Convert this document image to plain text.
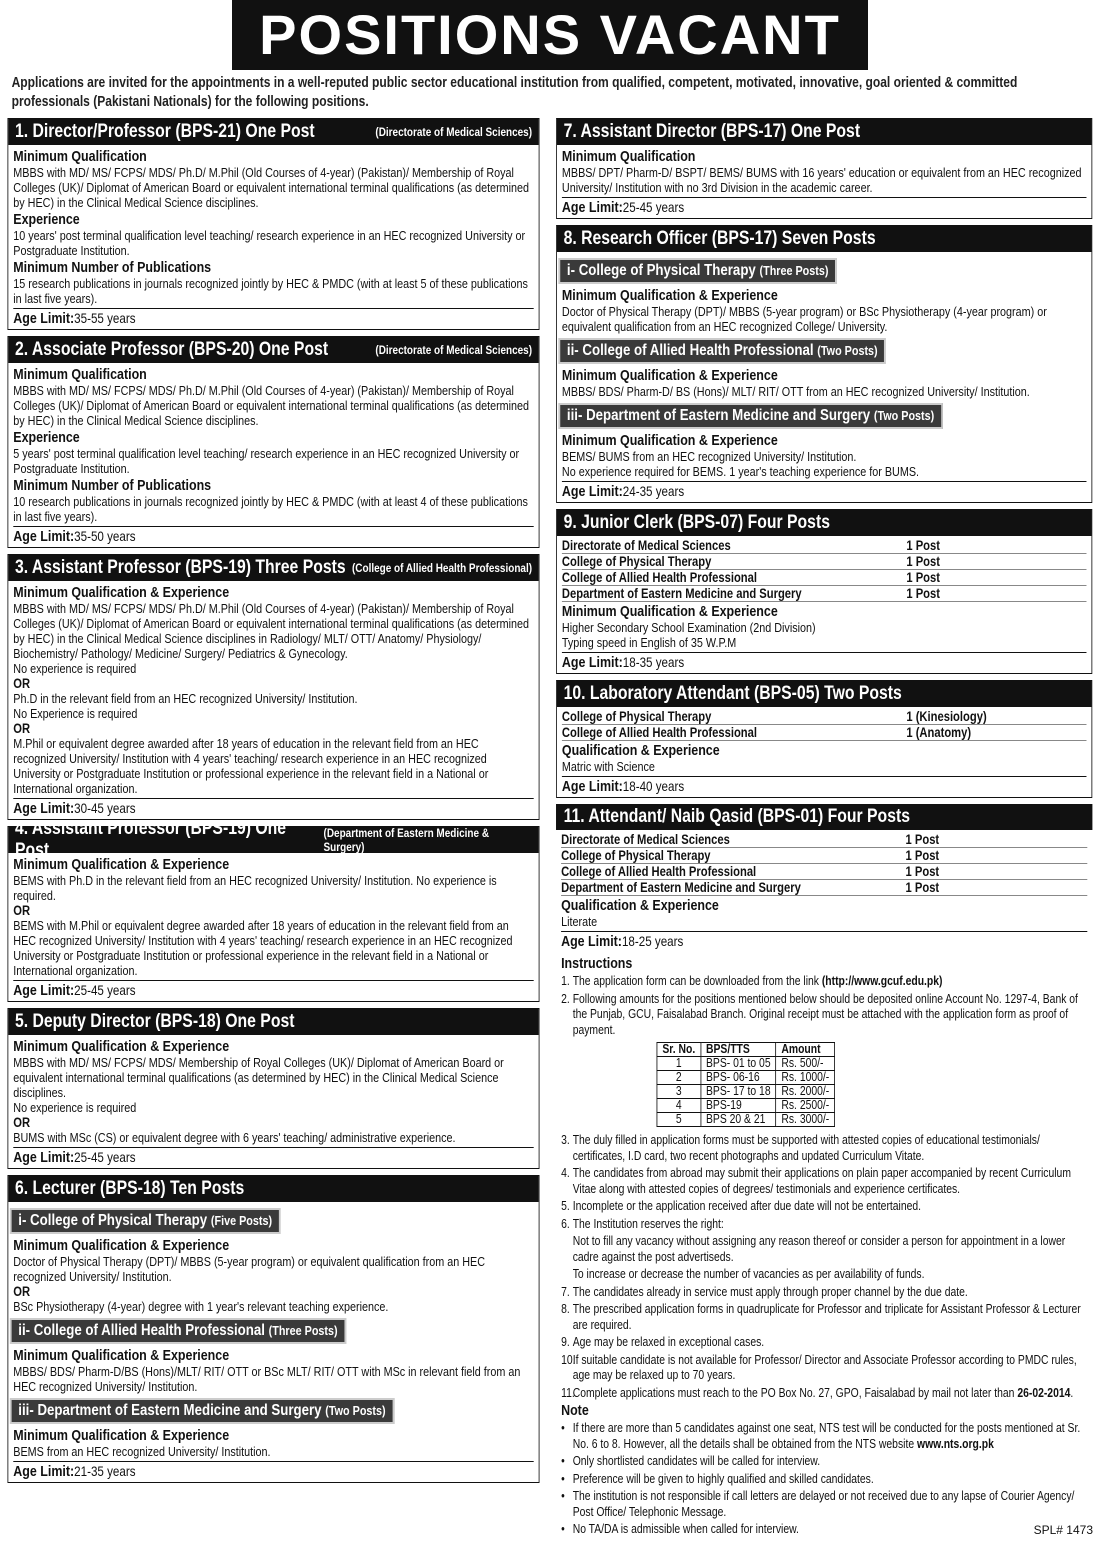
POSITIONS VACANT
Applications are invited for the appointments in a well-reputed public sector educational institution from qualified, competent, motivated, innovative, goal oriented & committed professionals (Pakistani Nationals) for the following positions.
1. Director/Professor (BPS-21) One Post	(Directorate of Medical Sciences)
Minimum Qualification
MBBS with MD/ MS/ FCPS/ MDS/ Ph.D/ M.Phil (Old Courses of 4-year) (Pakistan)/ Membership of Royal Colleges (UK)/ Diplomat of American Board or equivalent international terminal qualifications (as determined by HEC) in the Clinical Medical Science disciplines.
Experience
10 years' post terminal qualification level teaching/ research experience in an HEC recognized University or Postgraduate Institution.
Minimum Number of Publications
15 research publications in journals recognized jointly by HEC & PMDC (with at least 5 of these publications in last five years).
Age Limit:35-55 years
2. Associate Professor (BPS-20) One Post	(Directorate of Medical Sciences)
Minimum Qualification
MBBS with MD/ MS/ FCPS/ MDS/ Ph.D/ M.Phil (Old Courses of 4-year) (Pakistan)/ Membership of Royal Colleges (UK)/ Diplomat of American Board or equivalent international terminal qualifications (as determined by HEC) in the Clinical Medical Science disciplines.
Experience
5 years' post terminal qualification level teaching/ research experience in an HEC recognized University or Postgraduate Institution.
Minimum Number of Publications
10 research publications in journals recognized jointly by HEC & PMDC (with at least 4 of these publications in last five years).
Age Limit:35-50 years
3. Assistant Professor (BPS-19) Three Posts (College of Allied Health Professional)
Minimum Qualification & Experience
MBBS with MD/ MS/ FCPS/ MDS/ Ph.D/ M.Phil (Old Courses of 4-year) (Pakistan)/ Membership of Royal Colleges (UK)/ Diplomat of American Board or equivalent international terminal qualifications (as determined by HEC) in the Clinical Medical Science disciplines in Radiology/ MLT/ OTT/ Anatomy/ Physiology/ Biochemistry/ Pathology/ Medicine/ Surgery/ Pediatrics & Gynecology.
No experience is required
OR
Ph.D in the relevant field from an HEC recognized University/ Institution.
No Experience is required
OR
M.Phil or equivalent degree awarded after 18 years of education in the relevant field from an HEC recognized University/ Institution with 4 years' teaching/ research experience in an HEC recognized University or Postgraduate Institution or professional experience in the relevant field in a National or International organization.
Age Limit:30-45 years
4. Assistant Professor (BPS-19) One Post
(Department of Eastern Medicine & Surgery)
Minimum Qualification & Experience
BEMS with Ph.D in the relevant field from an HEC recognized University/ Institution. No experience is required.
OR
BEMS with M.Phil or equivalent degree awarded after 18 years of education in the relevant field from an HEC recognized University/ Institution with 4 years' teaching/ research experience in an HEC recognized University or Postgraduate Institution or professional experience in the relevant field in a National or International organization.
Age Limit:25-45 years
5. Deputy Director (BPS-18) One Post
Minimum Qualification & Experience
MBBS with MD/ MS/ FCPS/ MDS/ Membership of Royal Colleges (UK)/ Diplomat of American Board or equivalent international terminal qualifications (as determined by HEC) in the Clinical Medical Science disciplines.
No experience is required
OR
BUMS with MSc (CS) or equivalent degree with 6 years' teaching/ administrative experience.
Age Limit:25-45 years
6. Lecturer (BPS-18) Ten Posts
i- College of Physical Therapy (Five Posts)
Minimum Qualification & Experience
Doctor of Physical Therapy (DPT)/ MBBS (5-year program) or equivalent qualification from an HEC recognized University/ Institution.
OR
BSc Physiotherapy (4-year) degree with 1 year's relevant teaching experience.
ii- College of Allied Health Professional (Three Posts)
Minimum Qualification & Experience
MBBS/ BDS/ Pharm-D/BS (Hons)/MLT/ RIT/ OTT or BSc MLT/ RIT/ OTT with MSc in relevant field from an HEC recognized University/ Institution.
iii- Department of Eastern Medicine and Surgery (Two Posts)
Minimum Qualification & Experience
BEMS from an HEC recognized University/ Institution.
Age Limit:21-35 years
7. Assistant Director (BPS-17) One Post
Minimum Qualification
MBBS/ DPT/ Pharm-D/ BSPT/ BEMS/ BUMS with 16 years' education or equivalent from an HEC recognized University/ Institution with no 3rd Division in the academic career.
Age Limit:25-45 years
8. Research Officer (BPS-17) Seven Posts
i- College of Physical Therapy (Three Posts)
Minimum Qualification & Experience
Doctor of Physical Therapy (DPT)/ MBBS (5-year program) or BSc Physiotherapy (4-year program) or equivalent qualification from an HEC recognized College/ University.
ii- College of Allied Health Professional (Two Posts)
Minimum Qualification & Experience
MBBS/ BDS/ Pharm-D/ BS (Hons)/ MLT/ RIT/ OTT from an HEC recognized University/ Institution.
iii- Department of Eastern Medicine and Surgery (Two Posts)
Minimum Qualification & Experience
BEMS/ BUMS from an HEC recognized University/ Institution.
No experience required for BEMS. 1 year's teaching experience for BUMS.
Age Limit:24-35 years
9. Junior Clerk (BPS-07) Four Posts
Directorate of Medical Sciences	1 Post
College of Physical Therapy	1 Post
College of Allied Health Professional	1 Post
Department of Eastern Medicine and Surgery	1 Post
Minimum Qualification & Experience
Higher Secondary School Examination (2nd Division)
Typing speed in English of 35 W.P.M
Age Limit:18-35 years
10. Laboratory Attendant (BPS-05) Two Posts
College of Physical Therapy	1 (Kinesiology)
College of Allied Health Professional	1 (Anatomy)
Qualification & Experience
Matric with Science
Age Limit:18-40 years
11. Attendant/ Naib Qasid (BPS-01) Four Posts
Directorate of Medical Sciences	1 Post
College of Physical Therapy	1 Post
College of Allied Health Professional	1 Post
Department of Eastern Medicine and Surgery	1 Post
Qualification & Experience
Literate
Age Limit:18-25 years
Instructions
1. The application form can be downloaded from the link (http://www.gcuf.edu.pk)
2. Following amounts for the positions mentioned below should be deposited online Account No. 1297-4, Bank of the Punjab, GCU, Faisalabad Branch. Original receipt must be attached with the application form as proof of payment.
Sr. No.	BPS/TTS	Amount
1	BPS- 01 to 05	Rs. 500/-
2	BPS- 06-16	Rs. 1000/-
3	BPS- 17 to 18	Rs. 2000/-
4	BPS-19	Rs. 2500/-
5	BPS 20 & 21	Rs. 3000/-
3. The duly filled in application forms must be supported with attested copies of educational testimonials/ certificates, I.D card, two recent photographs and updated Curriculum Vitate.
4. The candidates from abroad may submit their applications on plain paper accompanied by recent Curriculum Vitae along with attested copies of degrees/ testimonials and experience certificates.
5. Incomplete or the application received after due date will not be entertained.
6. The Institution reserves the right:
Not to fill any vacancy without assigning any reason thereof or consider a person for appointment in a lower cadre against the post advertiseds.
To increase or decrease the number of vacancies as per availability of funds.
7. The candidates already in service must apply through proper channel by the due date.
8. The prescribed application forms in quadruplicate for Professor and triplicate for Assistant Professor & Lecturer are required.
9. Age may be relaxed in exceptional cases.
10.
If suitable candidate is not available for Professor/ Director and Associate Professor according to PMDC rules, age may be relaxed up to 70 years.
11.
Complete applications must reach to the PO Box No. 27, GPO, Faisalabad by mail not later than 26-02-2014.
Note
• If there are more than 5 candidates against one seat, NTS test will be conducted for the posts mentioned at Sr. No. 6 to 8. However, all the details shall be obtained from the NTS website www.nts.org.pk
• Only shortlisted candidates will be called for interview.
• Preference will be given to highly qualified and skilled candidates.
• The institution is not responsible if call letters are delayed or not received due to any lapse of Courier Agency/ Post Office/ Telephonic Message.
• No TA/DA is admissible when called for interview.	SPL# 1473
